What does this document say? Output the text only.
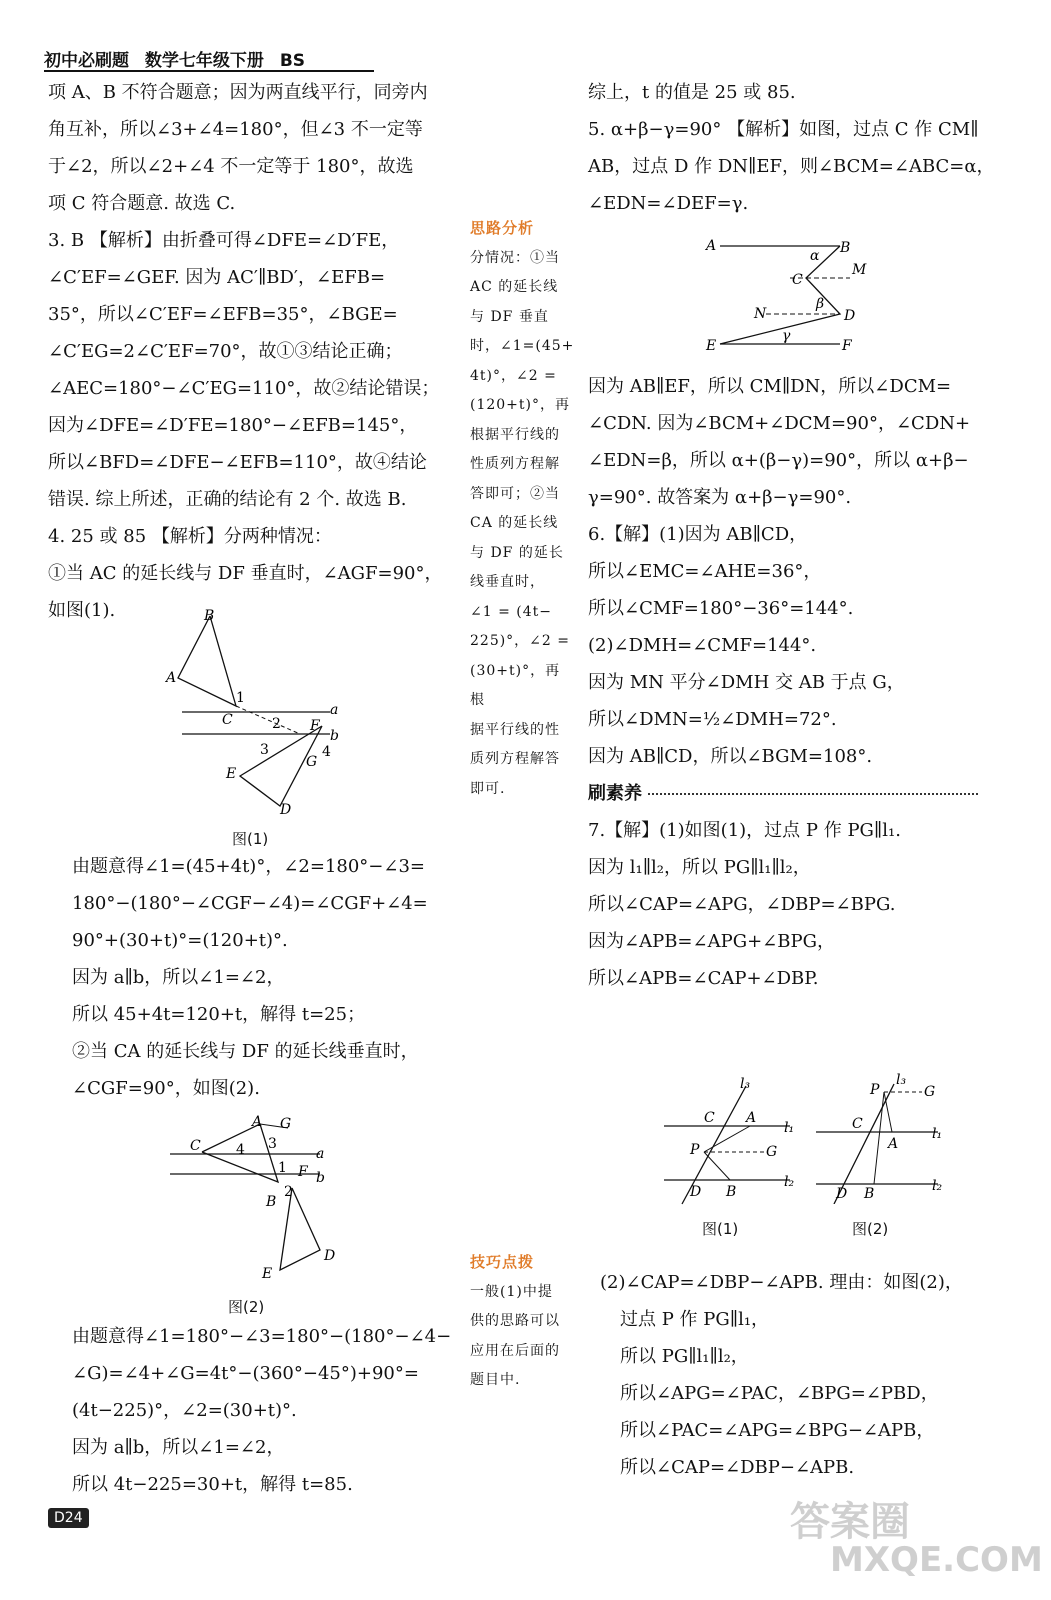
初中必刷题 数学七年级下册 BS

项 A、B 不符合题意；因为两直线平行，同旁内

角互补，所以∠3+∠4=180°，但∠3 不一定等

于∠2，所以∠2+∠4 不一定等于 180°，故选

项 C 符合题意. 故选 C.

3. B 【解析】由折叠可得∠DFE=∠D′FE，

∠C′EF=∠GEF. 因为 AC′∥BD′，∠EFB=

35°，所以∠C′EF=∠EFB=35°，∠BGE=

∠C′EG=2∠C′EF=70°，故①③结论正确；

∠AEC=180°−∠C′EG=110°，故②结论错误；

因为∠DFE=∠D′FE=180°−∠EFB=145°，

所以∠BFD=∠DFE−∠EFB=110°，故④结论

错误. 综上所述，正确的结论有 2 个. 故选 B.

4. 25 或 85 【解析】分两种情况：

①当 AC 的延长线与 DF 垂直时，∠AGF=90°，

如图(1).	B
A
C
1
2
3
F
a
b
4
G
E
D
图(1)

由题意得∠1=(45+4t)°，∠2=180°−∠3=

180°−(180°−∠CGF−∠4)=∠CGF+∠4=

90°+(30+t)°=(120+t)°.

因为 a∥b，所以∠1=∠2，

所以 45+4t=120+t，解得 t=25；

②当 CA 的延长线与 DF 的延长线垂直时，

∠CGF=90°，如图(2).

C
A G
4 3
1 F
a
b
B
2
E
D
图(2)

由题意得∠1=180°−∠3=180°−(180°−∠4−

∠G)=∠4+∠G=4t°−(360°−45°)+90°=

(4t−225)°，∠2=(30+t)°.

因为 a∥b，所以∠1=∠2，

所以 4t−225=30+t，解得 t=85.

思路分析

分情况：①当

AC 的延长线

与 DF 垂直

时，∠1=(45+

4t)°，∠2 =

(120+t)°，再

根据平行线的

性质列方程解

答即可；②当

CA 的延长线

与 DF 的延长

线垂直时，

∠1 = (4t−

225)°，∠2 =

(30+t)°，再根

据平行线的性

质列方程解答

即可.

技巧点拨

一般(1)中提

供的思路可以

应用在后面的

题目中.

综上，t 的值是 25 或 85.

5. α+β−γ=90° 【解析】如图，过点 C 作 CM∥

AB，过点 D 作 DN∥EF，则∠BCM=∠ABC=α，

∠EDN=∠DEF=γ.

A	B
C
M
N	D
E	F
α
β
γ

因为 AB∥EF，所以 CM∥DN，所以∠DCM=

∠CDN. 因为∠BCM+∠DCM=90°，∠CDN+

∠EDN=β，所以 α+(β−γ)=90°，所以 α+β−

γ=90°. 故答案为 α+β−γ=90°.

6.【解】(1)因为 AB∥CD，

所以∠EMC=∠AHE=36°，

所以∠CMF=180°−36°=144°.

(2)∠DMH=∠CMF=144°.

因为 MN 平分∠DMH 交 AB 于点 G，

所以∠DMN=½∠DMH=72°.

因为 AB∥CD，所以∠BGM=108°.

刷素养

7.【解】(1)如图(1)，过点 P 作 PG∥l₁.

因为 l₁∥l₂，所以 PG∥l₁∥l₂，

所以∠CAP=∠APG，∠DBP=∠BPG.

因为∠APB=∠APG+∠BPG，

所以∠APB=∠CAP+∠DBP.

l₃
C A
l₁
P	G
D B
l₂
图(1)
P
l₃
G
C
A
l₁
D B	l₂
图(2)

(2)∠CAP=∠DBP−∠APB. 理由：如图(2)，

过点 P 作 PG∥l₁，

所以 PG∥l₁∥l₂，

所以∠APG=∠PAC，∠BPG=∠PBD，

所以∠PAC=∠APG=∠BPG−∠APB，

所以∠CAP=∠DBP−∠APB.

D24	答案圈
MXQE.COM
